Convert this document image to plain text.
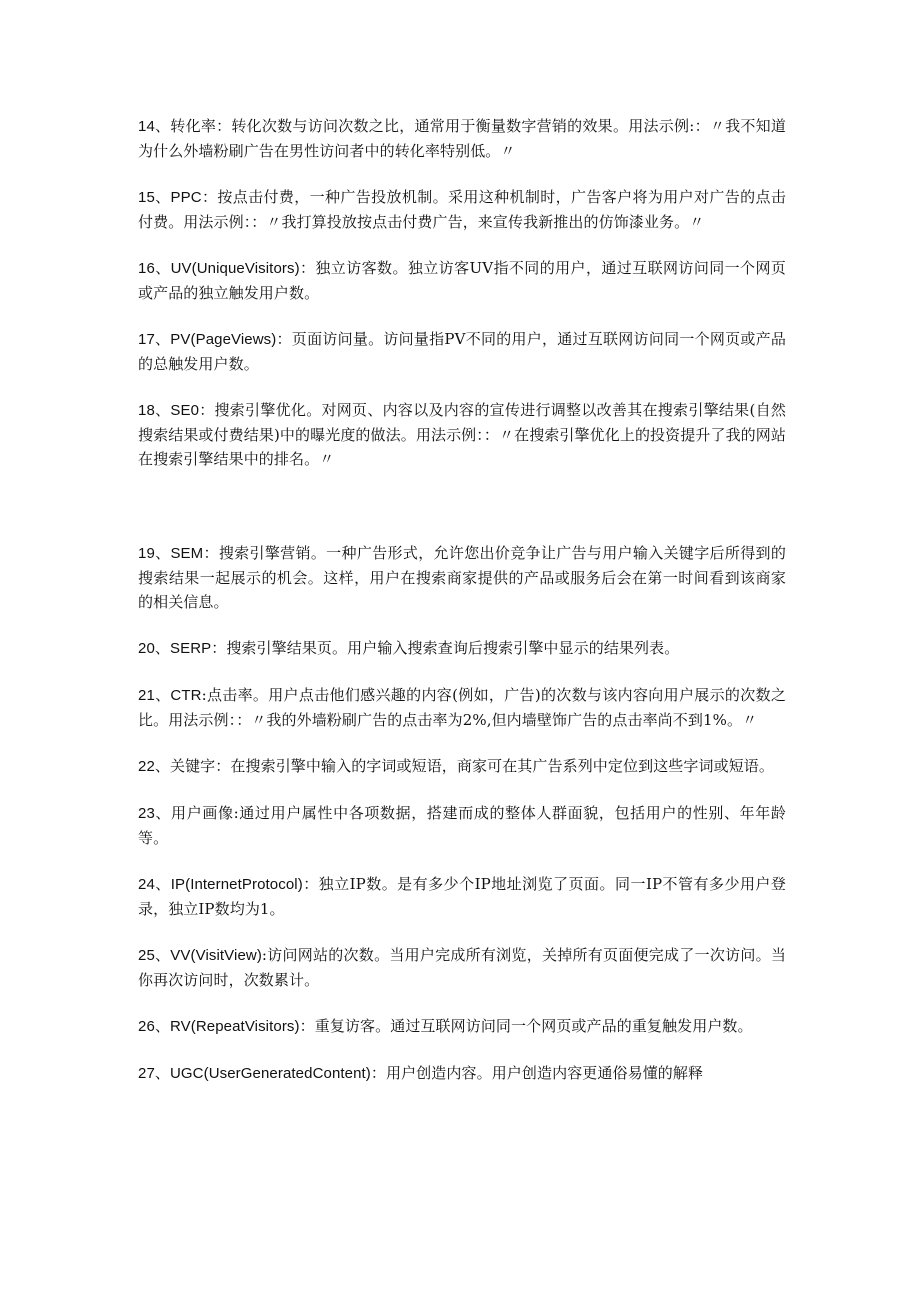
14、转化率：转化次数与访问次数之比，通常用于衡量数字营销的效果。用法示例:：〃我不知道为什么外墙粉刷广告在男性访问者中的转化率特别低。〃

15、PPC：按点击付费，一种广告投放机制。采用这种机制时，广告客户将为用户对广告的点击付费。用法示例：：〃我打算投放按点击付费广告，来宣传我新推出的仿饰漆业务。〃

16、UV(UniqueVisitors)：独立访客数。独立访客UV指不同的用户，通过互联网访问同一个网页或产品的独立触发用户数。

17、PV(PageViews)：页面访问量。访问量指PV不同的用户，通过互联网访问同一个网页或产品的总触发用户数。

18、SE0：搜索引擎优化。对网页、内容以及内容的宣传进行调整以改善其在搜索引擎结果(自然搜索结果或付费结果)中的曝光度的做法。用法示例：：〃在搜索引擎优化上的投资提升了我的网站在搜索引擎结果中的排名。〃

19、SEM：搜索引擎营销。一种广告形式，允许您出价竞争让广告与用户输入关键字后所得到的搜索结果一起展示的机会。这样，用户在搜索商家提供的产品或服务后会在第一时间看到该商家的相关信息。

20、SERP：搜索引擎结果页。用户输入搜索查询后搜索引擎中显示的结果列表。

21、CTR:点击率。用户点击他们感兴趣的内容(例如，广告)的次数与该内容向用户展示的次数之比。用法示例：：〃我的外墙粉刷广告的点击率为2%,但内墙壁饰广告的点击率尚不到1%。〃

22、关键字：在搜索引擎中输入的字词或短语，商家可在其广告系列中定位到这些字词或短语。

23、用户画像:通过用户属性中各项数据，搭建而成的整体人群面貌，包括用户的性别、年年龄等。

24、IP(InternetProtocol)：独立IP数。是有多少个IP地址浏览了页面。同一IP不管有多少用户登录，独立IP数均为1。

25、VV(VisitView):访问网站的次数。当用户完成所有浏览，关掉所有页面便完成了一次访问。当你再次访问时，次数累计。

26、RV(RepeatVisitors)：重复访客。通过互联网访问同一个网页或产品的重复触发用户数。

27、UGC(UserGeneratedContent)：用户创造内容。用户创造内容更通俗易懂的解释
